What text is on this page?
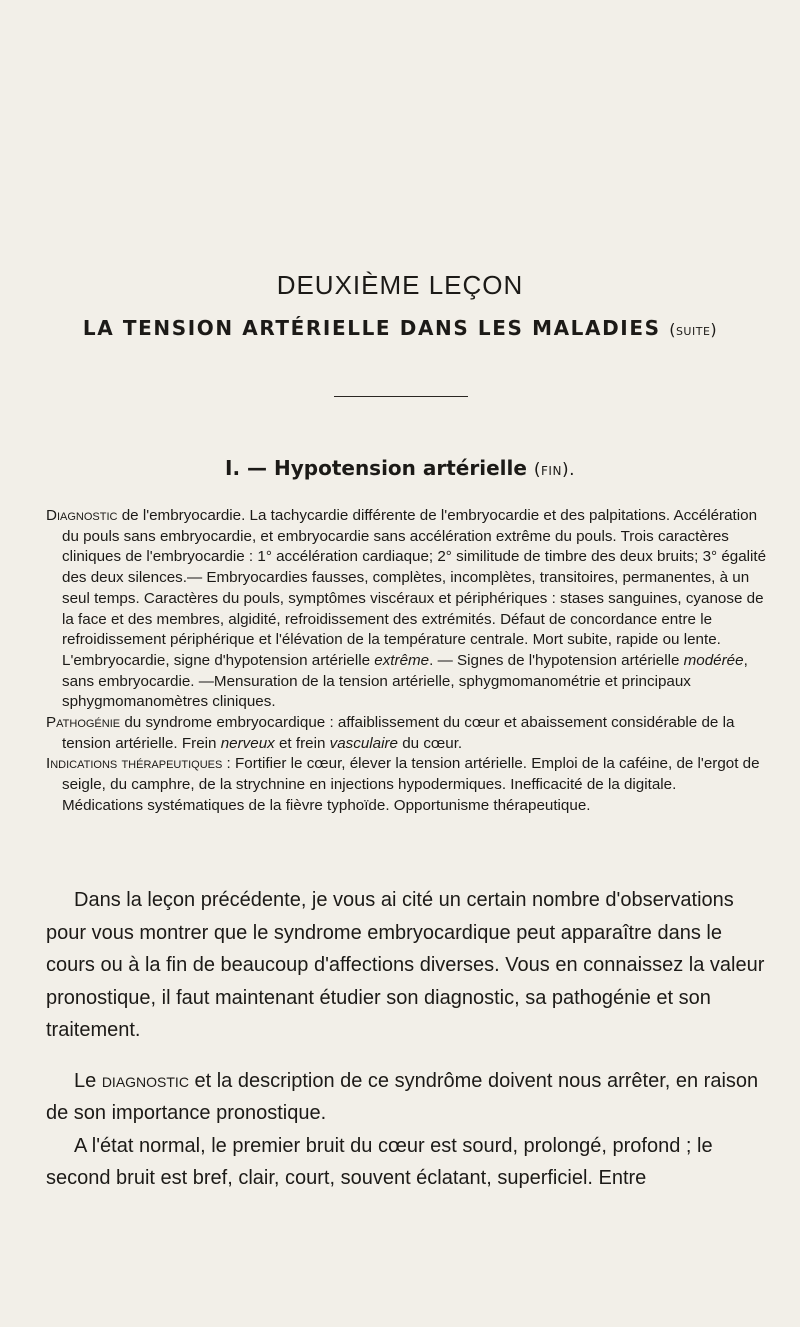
DEUXIÈME LEÇON
LA TENSION ARTÉRIELLE DANS LES MALADIES (suite)
I. — Hypotension artérielle (fin).

Diagnostic de l'embryocardie. La tachycardie différente de l'embryocardie et des palpitations. Accélération du pouls sans embryocardie, et embryocardie sans accélération extrême du pouls. Trois caractères cliniques de l'embryocardie : 1° accélération cardiaque; 2° similitude de timbre des deux bruits; 3° égalité des deux silences.— Embryocardies fausses, complètes, incomplètes, transitoires, permanentes, à un seul temps. Caractères du pouls, symptômes viscéraux et périphériques : stases sanguines, cyanose de la face et des membres, algidité, refroidissement des extrémités. Défaut de concordance entre le refroidissement périphérique et l'élévation de la température centrale. Mort subite, rapide ou lente.

L'embryocardie, signe d'hypotension artérielle extrême. — Signes de l'hypotension artérielle modérée, sans embryocardie. —Mensuration de la tension artérielle, sphygmomanométrie et principaux sphygmomanomètres cliniques.

Pathogénie du syndrome embryocardique : affaiblissement du cœur et abaissement considérable de la tension artérielle. Frein nerveux et frein vasculaire du cœur.

Indications thérapeutiques : Fortifier le cœur, élever la tension artérielle. Emploi de la caféine, de l'ergot de seigle, du camphre, de la strychnine en injections hypodermiques. Inefficacité de la digitale.

Médications systématiques de la fièvre typhoïde. Opportunisme thérapeutique.

Dans la leçon précédente, je vous ai cité un certain nombre d'observations pour vous montrer que le syndrome embryocardique peut apparaître dans le cours ou à la fin de beaucoup d'affections diverses. Vous en connaissez la valeur pronostique, il faut maintenant étudier son diagnostic, sa pathogénie et son traitement.

Le diagnostic et la description de ce syndrôme doivent nous arrêter, en raison de son importance pronostique.

A l'état normal, le premier bruit du cœur est sourd, prolongé, profond ; le second bruit est bref, clair, court, souvent éclatant, superficiel. Entre
